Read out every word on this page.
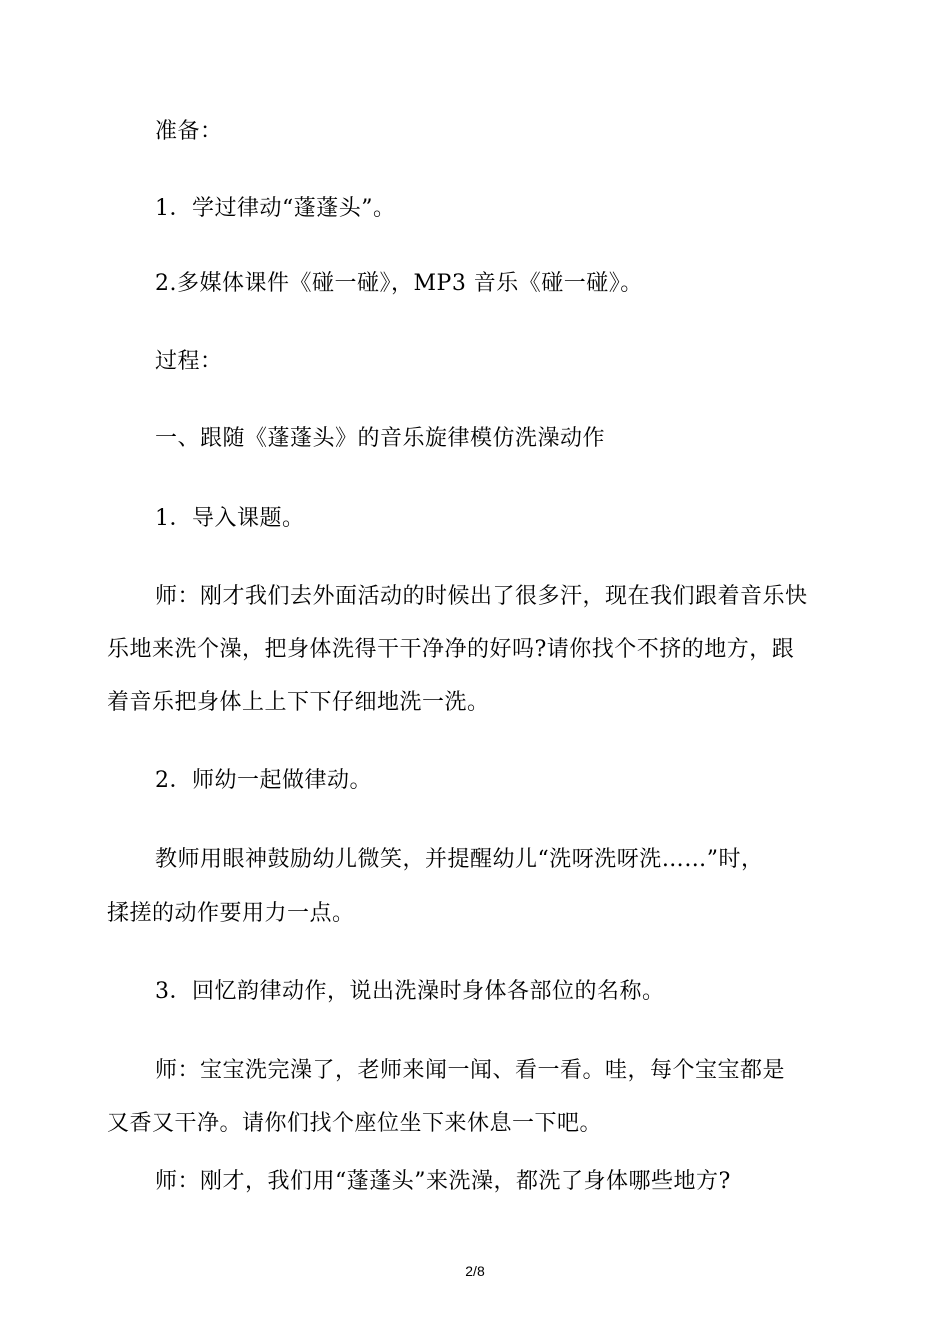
准备：
1．学过律动“蓬蓬头”。
2.多媒体课件《碰一碰》，MP3 音乐《碰一碰》。
过程：
一、跟随《蓬蓬头》的音乐旋律模仿洗澡动作
1．导入课题。
师：刚才我们去外面活动的时候出了很多汗，现在我们跟着音乐快
乐地来洗个澡，把身体洗得干干净净的好吗?请你找个不挤的地方，跟
着音乐把身体上上下下仔细地洗一洗。
2．师幼一起做律动。
教师用眼神鼓励幼儿微笑，并提醒幼儿“洗呀洗呀洗……”时，
揉搓的动作要用力一点。
3．回忆韵律动作，说出洗澡时身体各部位的名称。
师：宝宝洗完澡了，老师来闻一闻、看一看。哇，每个宝宝都是
又香又干净。请你们找个座位坐下来休息一下吧。
师：刚才，我们用“蓬蓬头”来洗澡，都洗了身体哪些地方?
2/8
